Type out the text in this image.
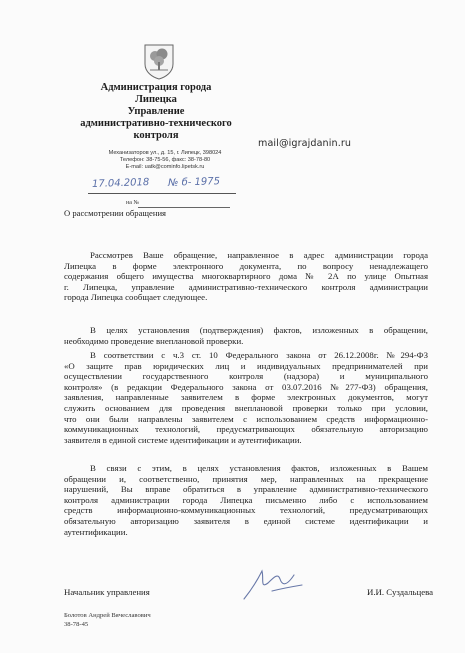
Администрация города
Липецка
Управление
административно-технического
контроля
mail@igrajdanin.ru
Механизаторов ул., д. 15, г. Липецк, 398024
Телефон: 38-75-56, факс: 38-78-80
E-mail: uatk@cominfo.lipetsk.ru
17.04.2018 № б- 1975
на №
О рассмотрении обращения
Рассмотрев Ваше обращение, направленное в адрес администрации города
Липецка в форме электронного документа, по вопросу ненадлежащего
содержания общего имущества многоквартирного дома № 2А по улице Опытная
г. Липецка, управление административно-технического контроля администрации
города Липецка сообщает следующее.
В целях установления (подтверждения) фактов, изложенных в обращении,
необходимо проведение внеплановой проверки.
В соответствии с ч.3 ст. 10 Федерального закона от 26.12.2008г. №294-ФЗ
«О защите прав юридических лиц и индивидуальных предпринимателей при
осуществлении государственного контроля (надзора) и муниципального
контроля» (в редакции Федерального закона от 03.07.2016 №277-ФЗ) обращения,
заявления, направленные заявителем в форме электронных документов, могут
служить основанием для проведения внеплановой проверки только при условии,
что они были направлены заявителем с использованием средств информационно-
коммуникационных технологий, предусматривающих обязательную авторизацию
заявителя в единой системе идентификации и аутентификации.
В связи с этим, в целях установления фактов, изложенных в Вашем
обращении и, соответственно, принятия мер, направленных на прекращение
нарушений, Вы вправе обратиться в управление административно-технического
контроля администрации города Липецка письменно либо с использованием
средств информационно-коммуникационных технологий, предусматривающих
обязательную авторизацию заявителя в единой системе идентификации и
аутентификации.
Начальник управления	И.И. Суздальцева
Болотов Андрей Вячеславович
38-78-45
